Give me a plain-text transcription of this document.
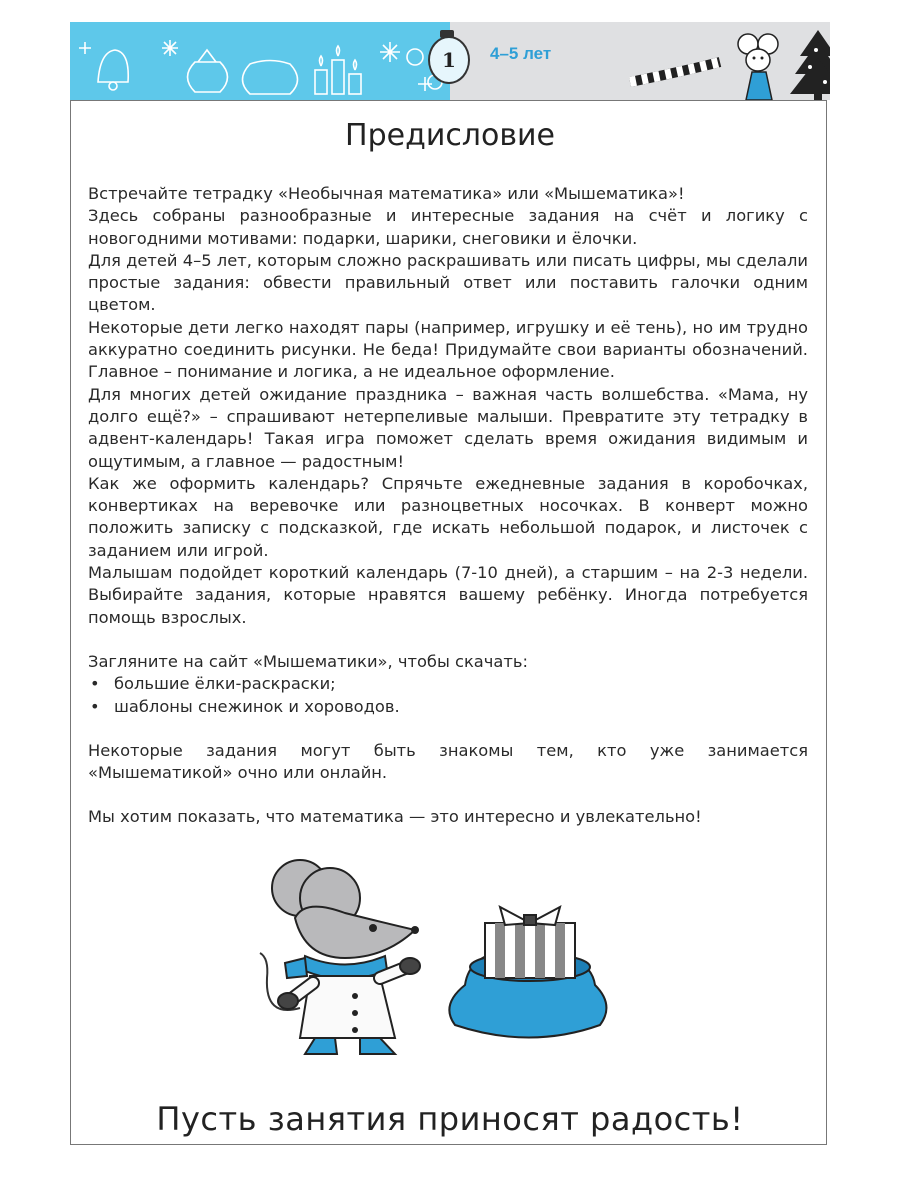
1	4–5 лет
Предисловие

Встречайте тетрадку «Необычная математика» или «Мышематика»!

Здесь собраны разнообразные и интересные задания на счёт и логику с новогодними мотивами: подарки, шарики, снеговики и ёлочки.

Для детей 4–5 лет, которым сложно раскрашивать или писать цифры, мы сделали простые задания: обвести правильный ответ или поставить галочки одним цветом.

Некоторые дети легко находят пары (например, игрушку и её тень), но им трудно аккуратно соединить рисунки. Не беда! Придумайте свои варианты обозначений. Главное – понимание и логика, а не идеальное оформление.

Для многих детей ожидание праздника – важная часть волшебства. «Мама, ну долго ещё?» – спрашивают нетерпеливые малыши. Превратите эту тетрадку в адвент-календарь! Такая игра поможет сделать время ожидания видимым и ощутимым, а главное — радостным!

Как же оформить календарь? Спрячьте ежедневные задания в коробочках, конвертиках на веревочке или разноцветных носочках. В конверт можно положить записку с подсказкой, где искать небольшой подарок, и листочек с заданием или игрой.

Малышам подойдет короткий календарь (7-10 дней), а старшим – на 2-3 недели. Выбирайте задания, которые нравятся вашему ребёнку. Иногда потребуется помощь взрослых.

Загляните на сайт «Мышематики», чтобы скачать:

• большие ёлки-раскраски;

• шаблоны снежинок и хороводов.

Некоторые задания могут быть знакомы тем, кто уже занимается «Мышематикой» очно или онлайн.

Мы хотим показать, что математика — это интересно и увлекательно!

Пусть занятия приносят радость!
